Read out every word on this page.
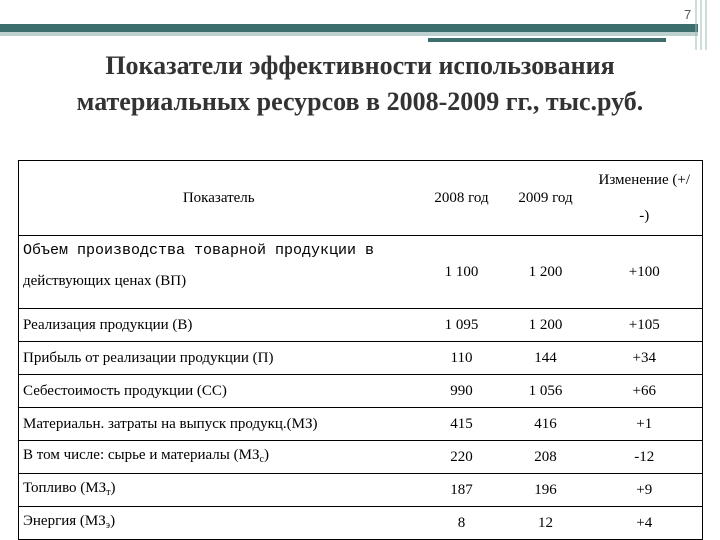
7
Показатели эффективности использования
материальных ресурсов в 2008-2009 гг., тыс.руб.
Показатель	2008 год	2009 год	Изменение (+/
-)

Объем производства товарной продукции в
действующих ценах (ВП)	1 100	1 200	+100
Реализация продукции (В)	1 095	1 200	+105
Прибыль от реализации продукции (П)	110	144	+34
Себестоимость продукции (СС)	990	1 056	+66
Материальн. затраты на выпуск продукц.(МЗ)	415	416	+1
В том числе: сырье и материалы $(МЗ_с)$	220	208	-12
Топливо $(МЗ_т)$	187	196	+9
Энергия $(МЗ_э)$	8	12	+4
